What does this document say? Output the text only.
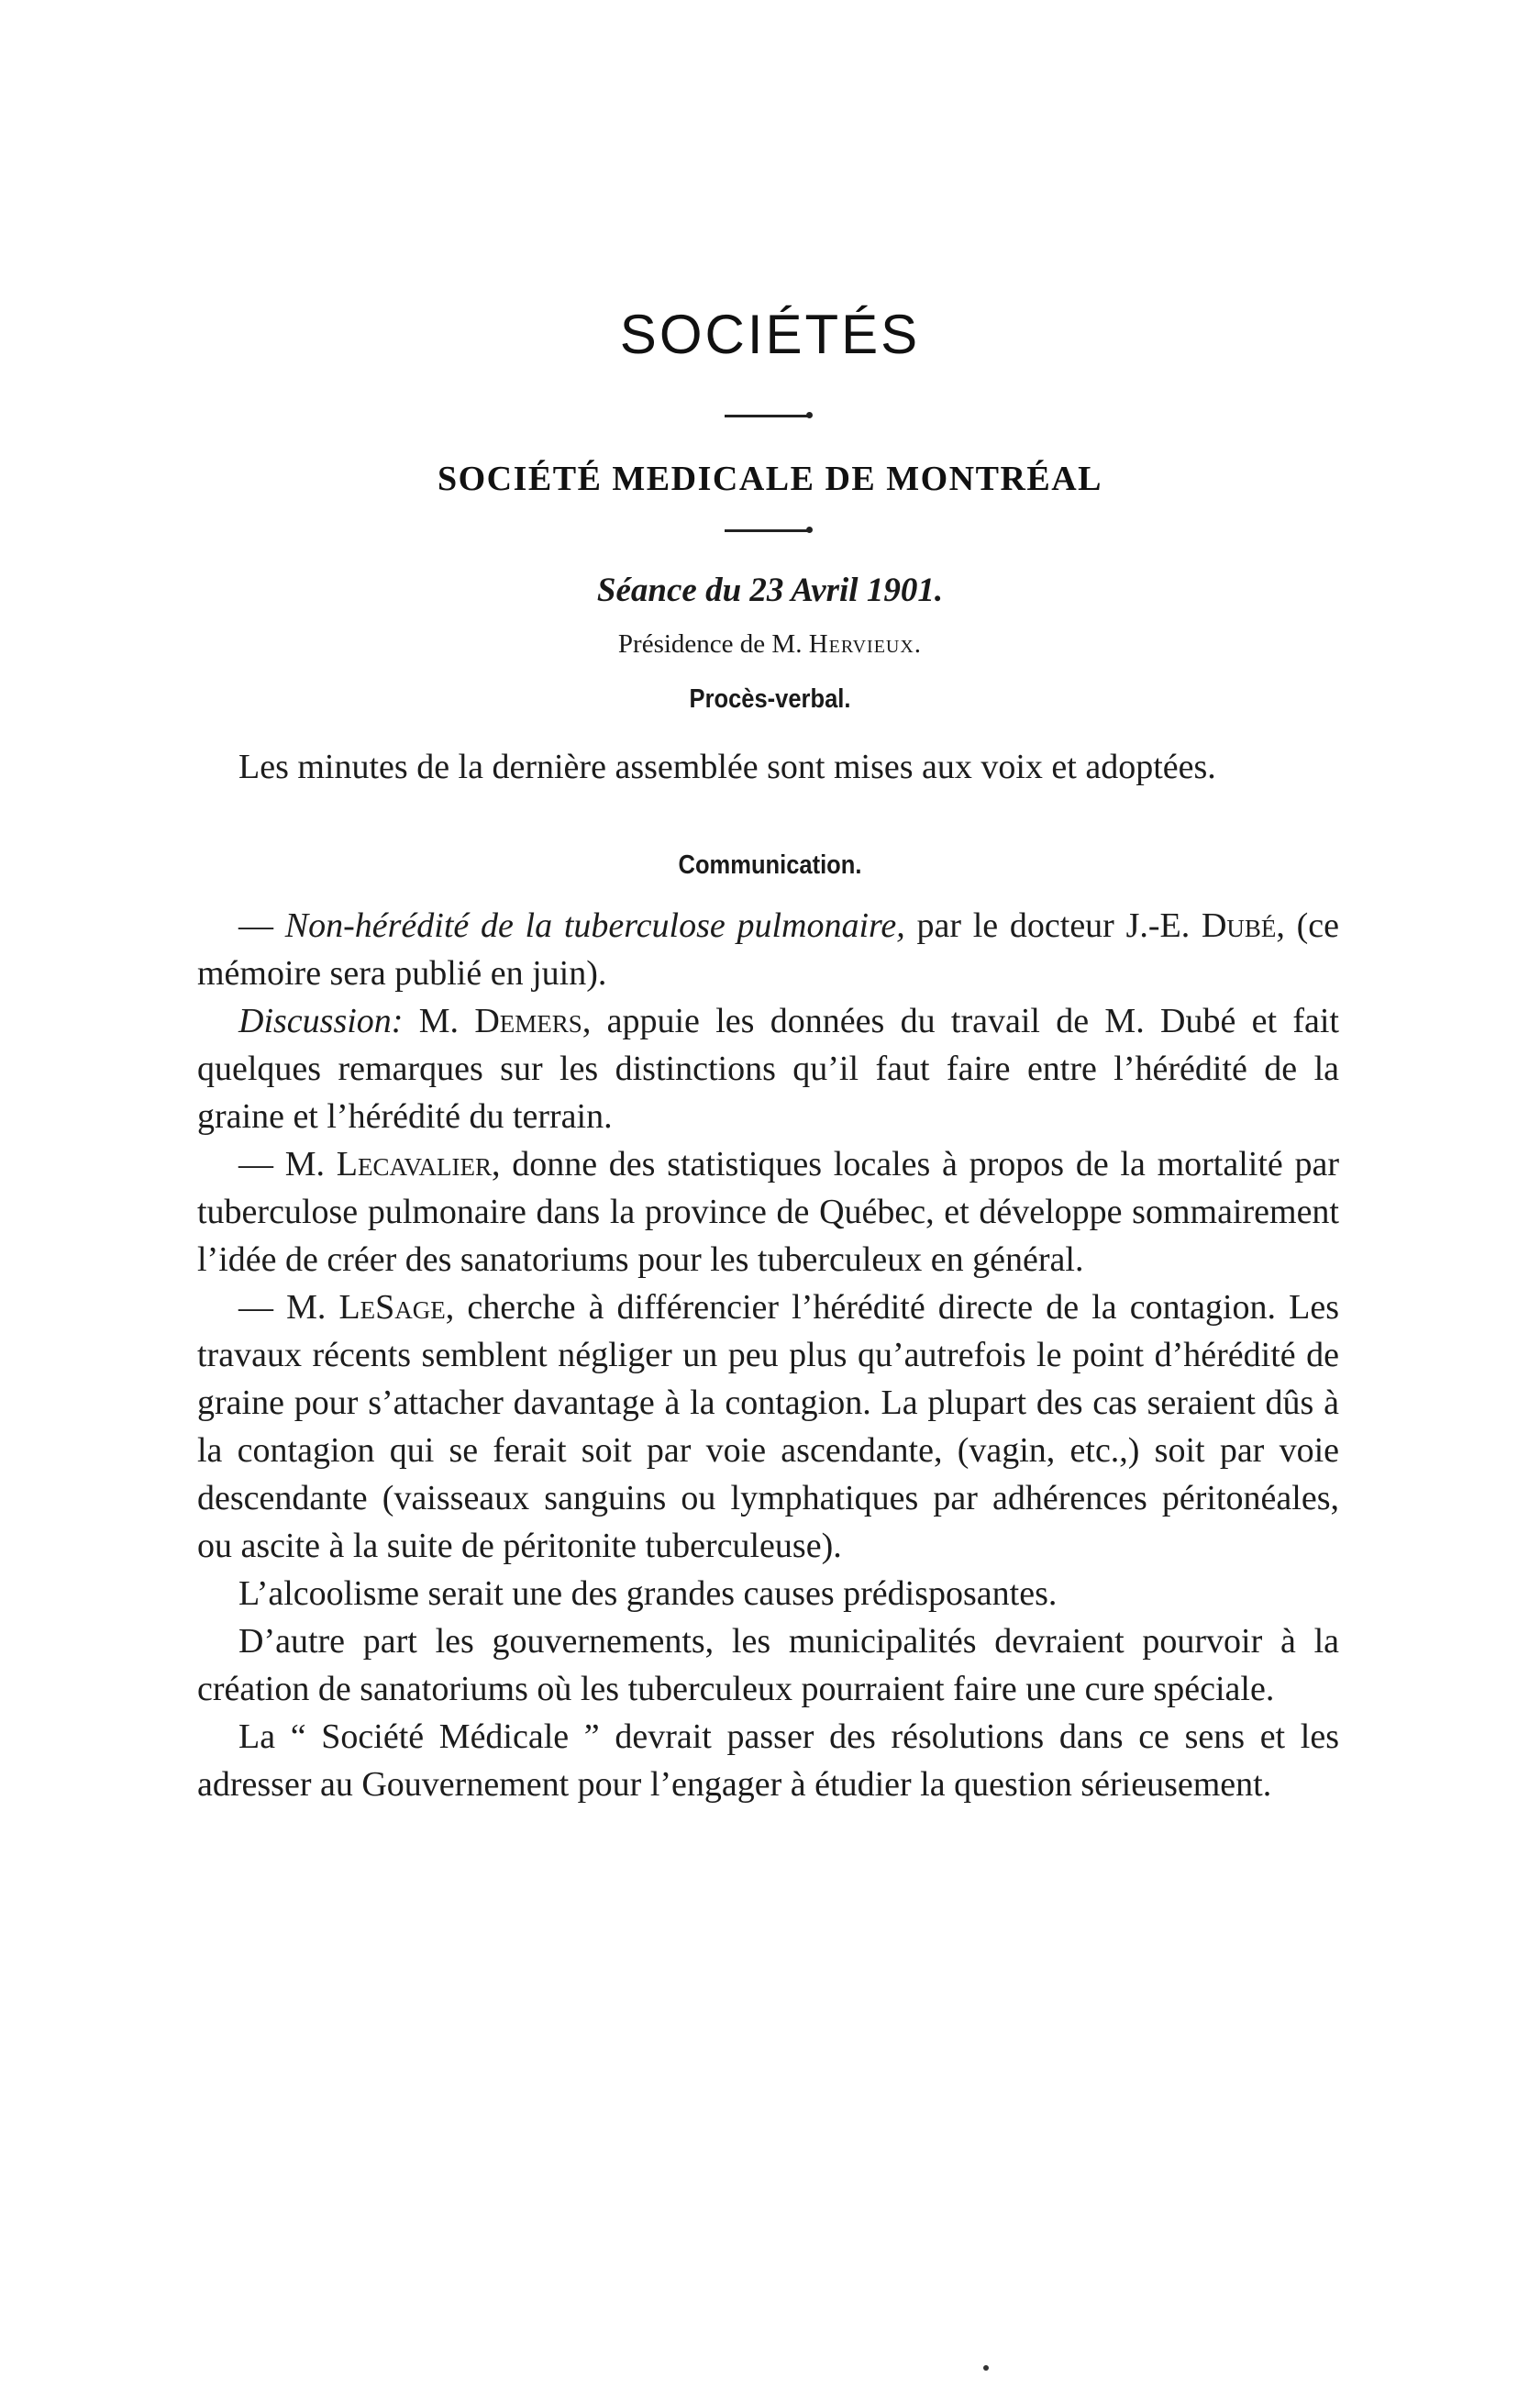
SOCIÉTÉS
SOCIÉTÉ MEDICALE DE MONTRÉAL
Séance du 23 Avril 1901.
Présidence de M. Hervieux.
Procès-verbal.

Les minutes de la dernière assemblée sont mises aux voix et adoptées.

Communication.

— Non-hérédité de la tuberculose pulmonaire, par le docteur J.-E. Dubé, (ce mémoire sera publié en juin).

Discussion: M. Demers, appuie les données du travail de M. Dubé et fait quelques remarques sur les distinctions qu’il faut faire entre l’hérédité de la graine et l’hérédité du terrain.

— M. Lecavalier, donne des statistiques locales à propos de la mortalité par tuberculose pulmonaire dans la province de Québec, et développe sommairement l’idée de créer des sanatoriums pour les tuberculeux en général.

— M. LeSage, cherche à différencier l’hérédité directe de la contagion. Les travaux récents semblent négliger un peu plus qu’autrefois le point d’hérédité de graine pour s’attacher davantage à la contagion. La plupart des cas seraient dûs à la contagion qui se ferait soit par voie ascendante, (vagin, etc.,) soit par voie descendante (vaisseaux sanguins ou lymphatiques par adhérences péritonéales, ou ascite à la suite de péritonite tuberculeuse).

L’alcoolisme serait une des grandes causes prédisposantes.

D’autre part les gouvernements, les municipalités devraient pourvoir à la création de sanatoriums où les tuberculeux pourraient faire une cure spéciale.

La “ Société Médicale ” devrait passer des résolutions dans ce sens et les adresser au Gouvernement pour l’engager à étudier la question sérieusement.
